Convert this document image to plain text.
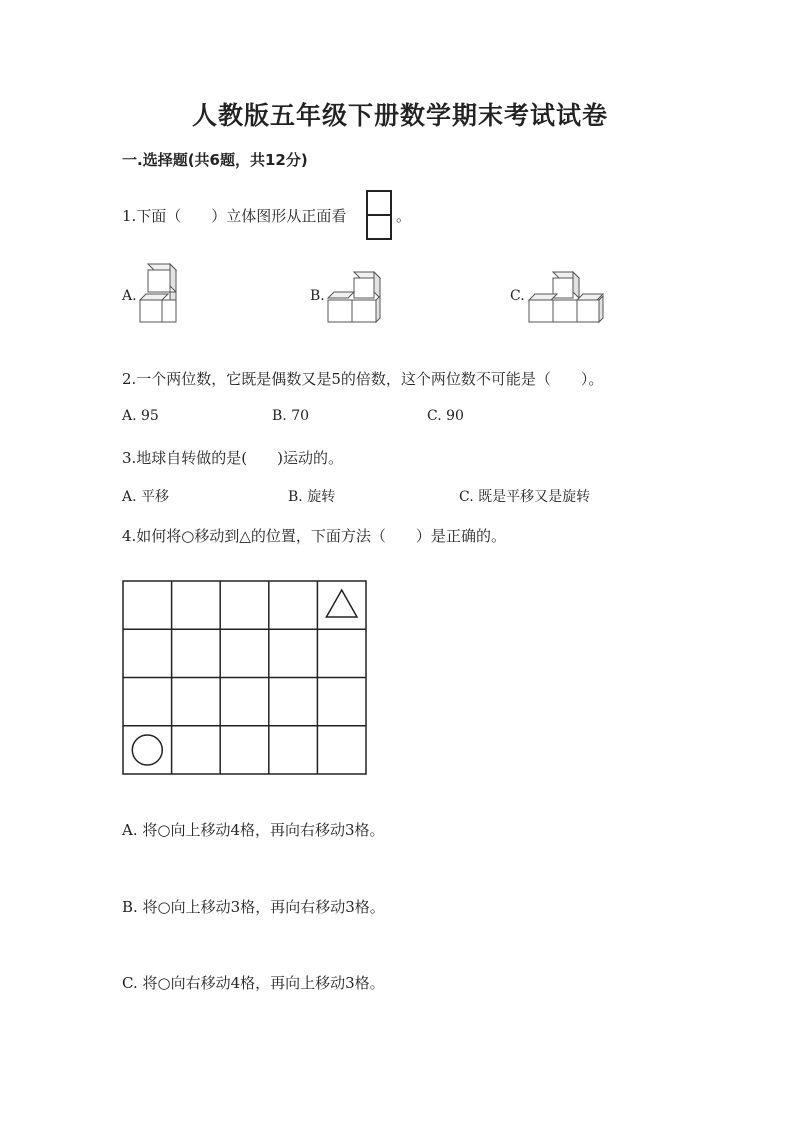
人教版五年级下册数学期末考试试卷
一.选择题(共6题，共12分)
1.下面（　　）立体图形从正面看	。
A.	B.	C.
2.一个两位数，它既是偶数又是5的倍数，这个两位数不可能是（　　）。
A. 95	B. 70	C. 90
3.地球自转做的是(　　)运动的。
A. 平移	B. 旋转	C. 既是平移又是旋转
4.如何将○移动到△的位置，下面方法（　　）是正确的。
A. 将○向上移动4格，再向右移动3格。
B. 将○向上移动3格，再向右移动3格。
C. 将○向右移动4格，再向上移动3格。
